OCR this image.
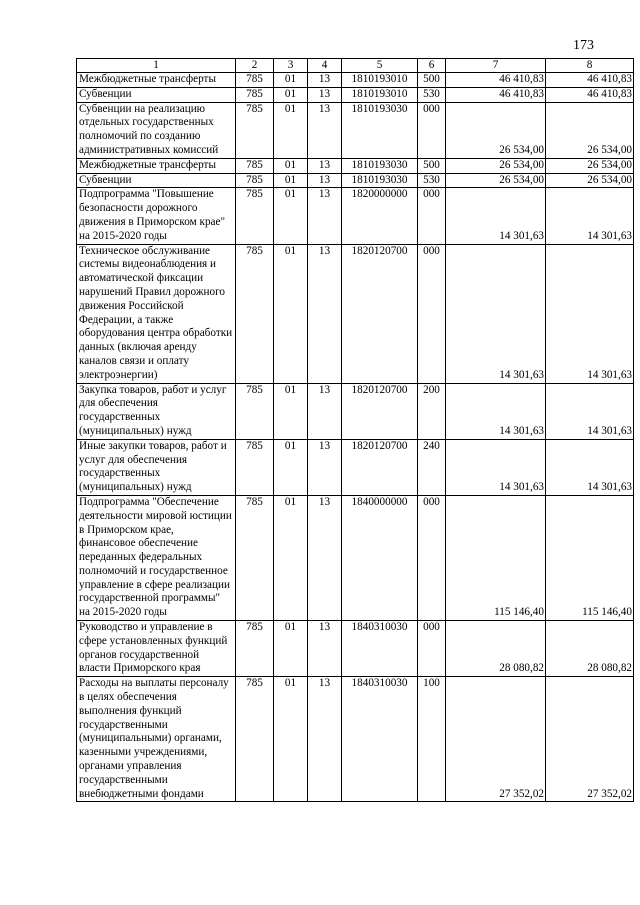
173
1	2	3	4	5	6	7	8
Межбюджетные трансферты	785	01	13	1810193010	500	46 410,83	46 410,83
Субвенции	785	01	13	1810193010	530	46 410,83	46 410,83
Субвенции на реализацию отдельных государственных полномочий по созданию административных комиссий	785	01	13	1810193030	000	26 534,00	26 534,00
Межбюджетные трансферты	785	01	13	1810193030	500	26 534,00	26 534,00
Субвенции	785	01	13	1810193030	530	26 534,00	26 534,00
Подпрограмма "Повышение безопасности дорожного движения в Приморском крае" на 2015-2020 годы	785	01	13	1820000000	000	14 301,63	14 301,63
Техническое обслуживание системы видеонаблюдения и автоматической фиксации нарушений Правил дорожного движения Российской Федерации, а также оборудования центра обработки данных (включая аренду каналов связи и оплату электроэнергии)	785	01	13	1820120700	000	14 301,63	14 301,63
Закупка товаров, работ и услуг для обеспечения государственных (муниципальных) нужд	785	01	13	1820120700	200	14 301,63	14 301,63
Иные закупки товаров, работ и услуг для обеспечения государственных (муниципальных) нужд	785	01	13	1820120700	240	14 301,63	14 301,63
Подпрограмма "Обеспечение деятельности мировой юстиции в Приморском крае, финансовое обеспечение переданных федеральных полномочий и государственное управление в сфере реализации государственной программы" на 2015-2020 годы	785	01	13	1840000000	000	115 146,40	115 146,40
Руководство и управление в сфере установленных функций органов государственной власти Приморского края	785	01	13	1840310030	000	28 080,82	28 080,82
Расходы на выплаты персоналу в целях обеспечения выполнения функций государственными (муниципальными) органами, казенными учреждениями, органами управления государственными внебюджетными фондами	785	01	13	1840310030	100	27 352,02	27 352,02
